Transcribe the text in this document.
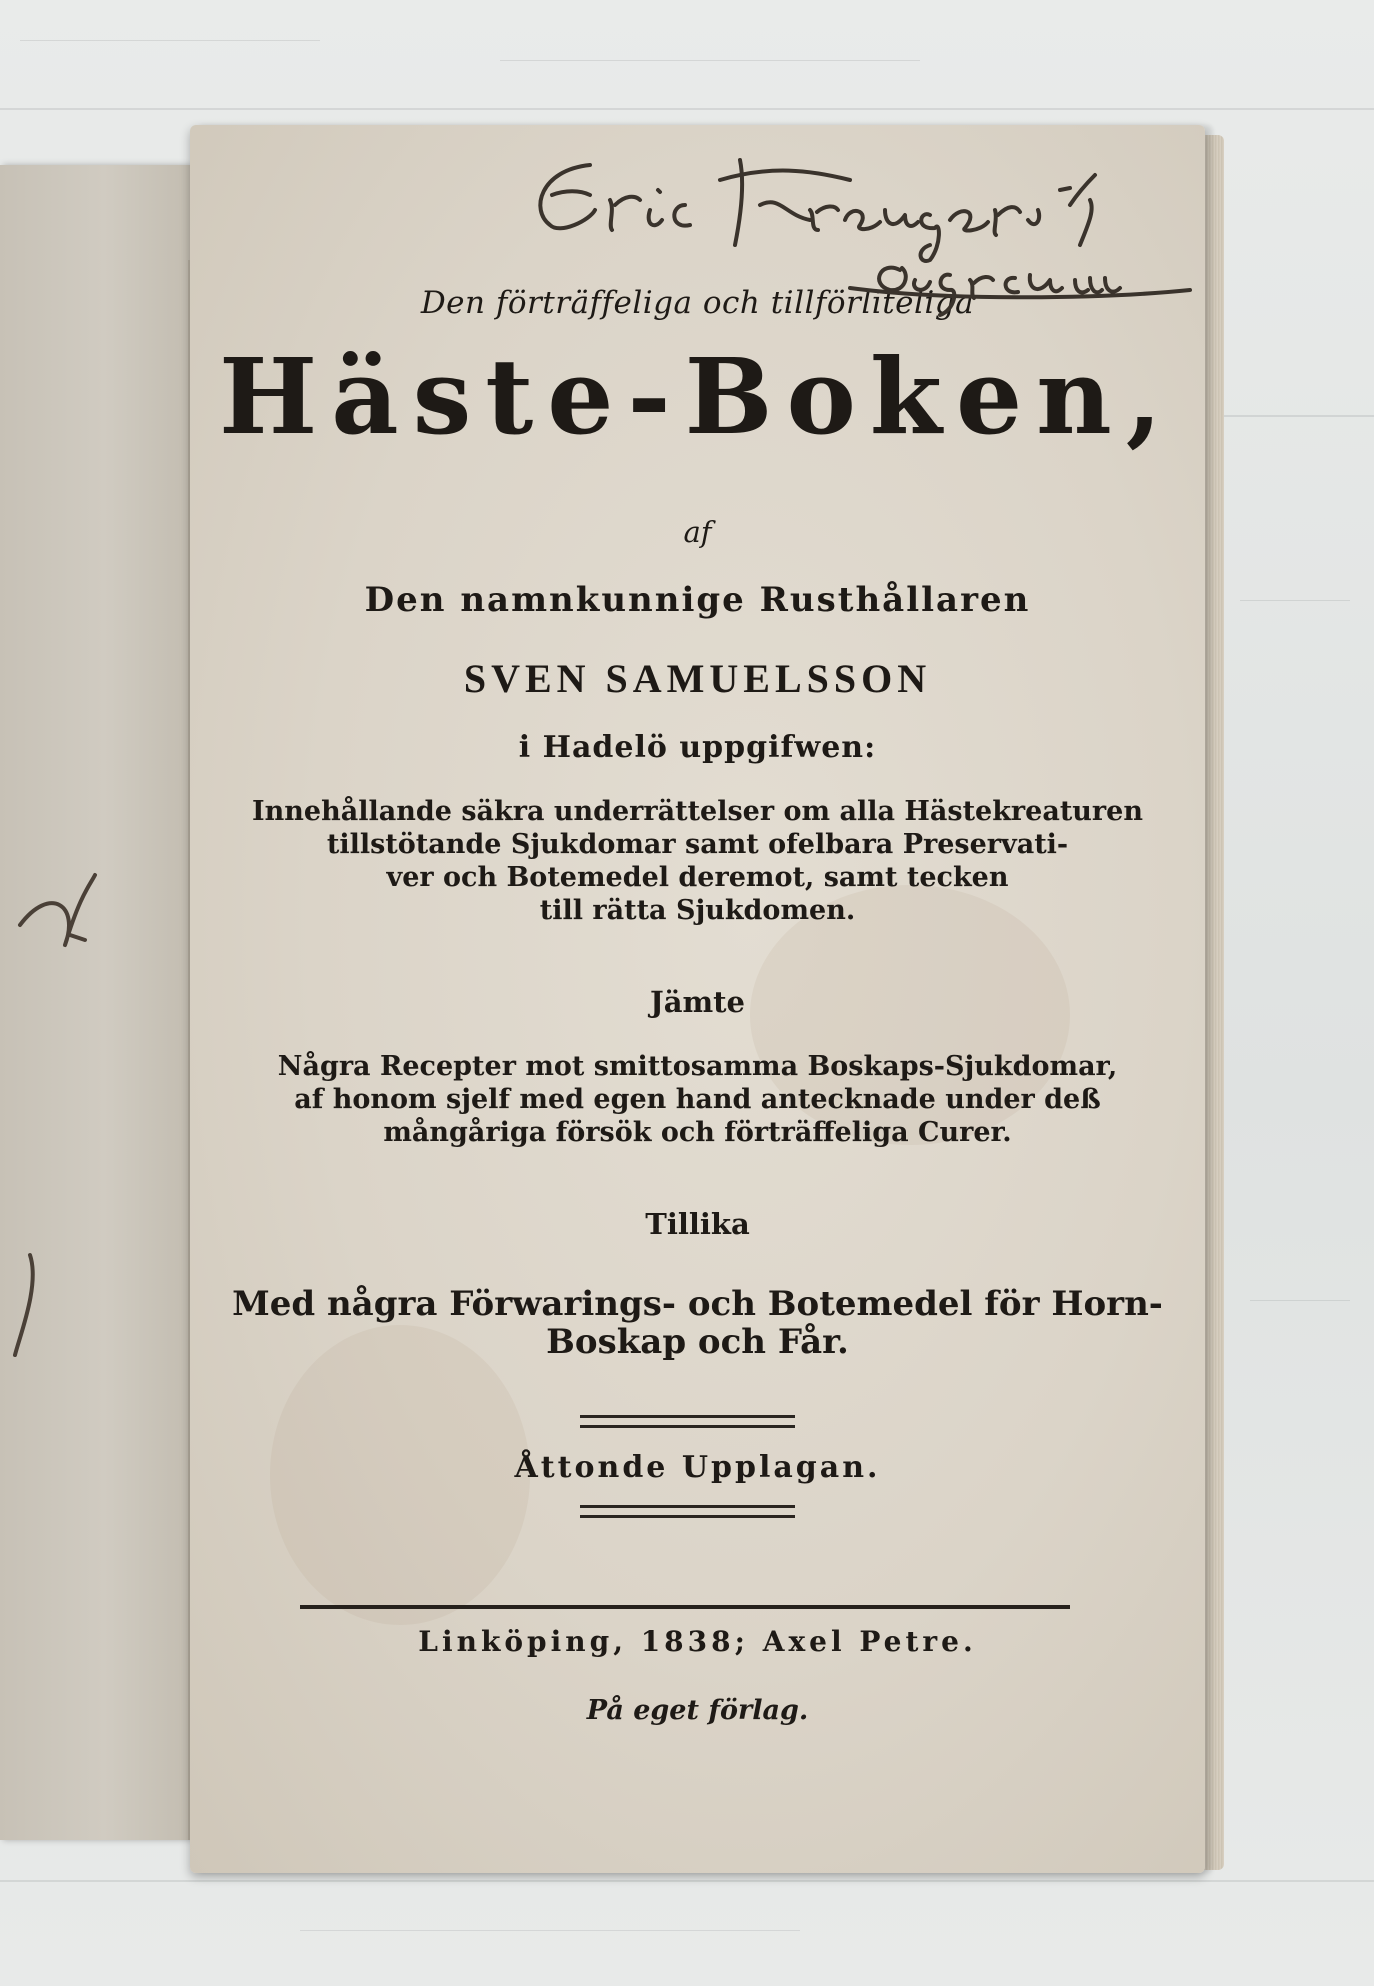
Den förträffeliga och tillförliteliga
Häste-Boken,
af
Den namnkunnige Rusthållaren
SVEN SAMUELSSON
i Hadelö uppgifwen:
Innehållande säkra underrättelser om alla Hästekreaturen
tillstötande Sjukdomar samt ofelbara Preservati-
ver och Botemedel deremot, samt tecken
till rätta Sjukdomen.
Jämte
Några Recepter mot smittosamma Boskaps-Sjukdomar,
af honom sjelf med egen hand antecknade under deß
mångåriga försök och förträffeliga Curer.
Tillika
Med några Förwarings- och Botemedel för Horn-
Boskap och Får.
Åttonde Upplagan.
Linköping, 1838; Axel Petre.
På eget förlag.
